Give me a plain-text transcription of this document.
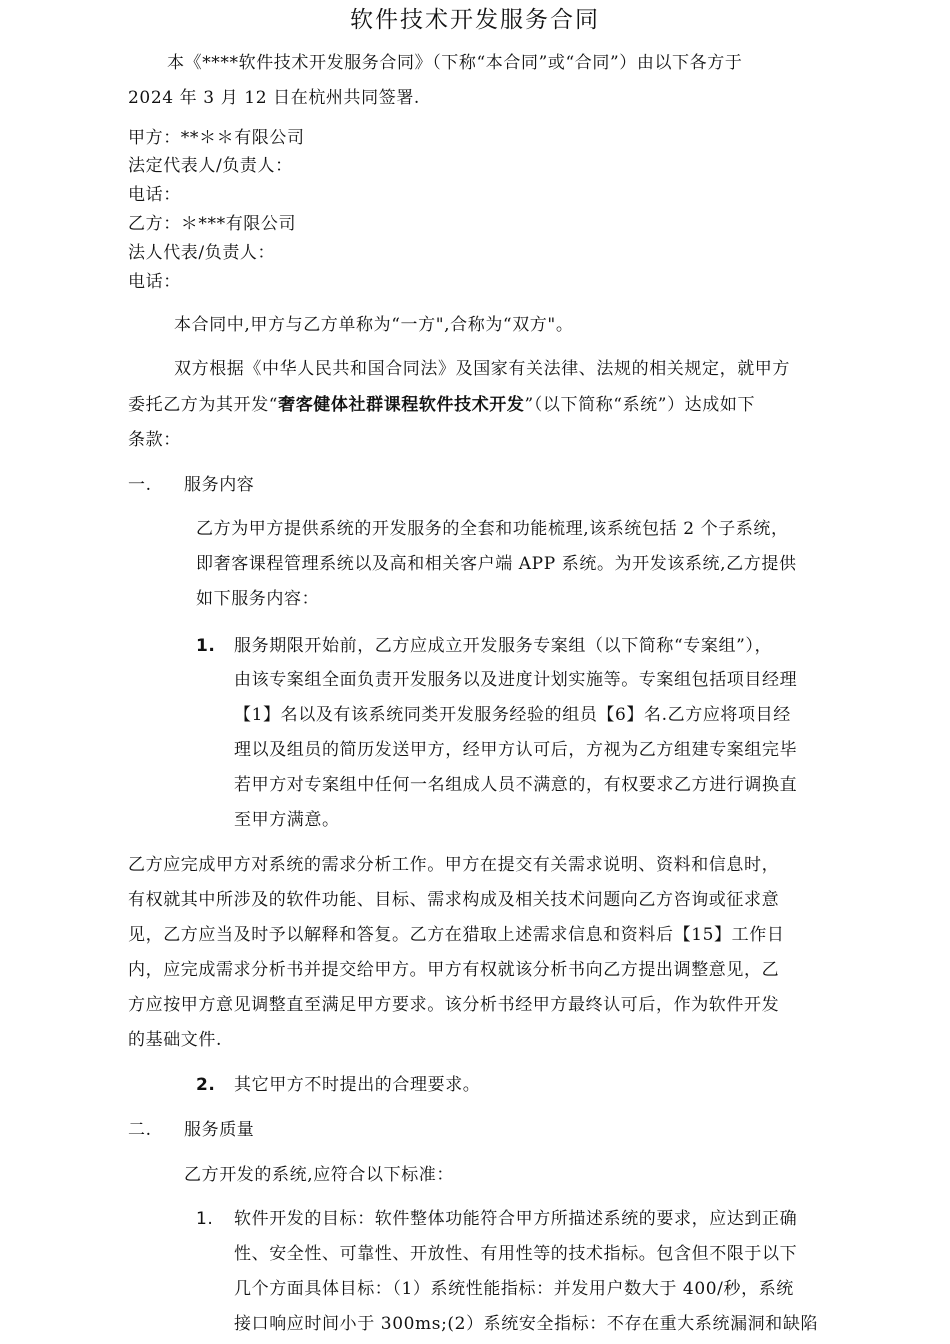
软件技术开发服务合同
本《****软件技术开发服务合同》（下称“本合同”或“合同”）由以下各方于
2024 年 3 月 12 日在杭州共同签署.
甲方：**＊＊有限公司
法定代表人/负责人：
电话：
乙方：＊***有限公司
法人代表/负责人：
电话：
本合同中,甲方与乙方单称为“一方",合称为“双方"。
双方根据《中华人民共和国合同法》及国家有关法律、法规的相关规定，就甲方
委托乙方为其开发“奢客健体社群课程软件技术开发”（以下简称“系统”）达成如下
条款：
一. 服务内容
乙方为甲方提供系统的开发服务的全套和功能梳理,该系统包括 2 个子系统，
即奢客课程管理系统以及高和相关客户端 APP 系统。为开发该系统,乙方提供
如下服务内容：
1. 服务期限开始前，乙方应成立开发服务专案组（以下简称“专案组”），
由该专案组全面负责开发服务以及进度计划实施等。专案组包括项目经理
【1】名以及有该系统同类开发服务经验的组员【6】名.乙方应将项目经
理以及组员的简历发送甲方，经甲方认可后，方视为乙方组建专案组完毕
若甲方对专案组中任何一名组成人员不满意的，有权要求乙方进行调换直
至甲方满意。
乙方应完成甲方对系统的需求分析工作。甲方在提交有关需求说明、资料和信息时，
有权就其中所涉及的软件功能、目标、需求构成及相关技术问题向乙方咨询或征求意
见，乙方应当及时予以解释和答复。乙方在猎取上述需求信息和资料后【15】工作日
内，应完成需求分析书并提交给甲方。甲方有权就该分析书向乙方提出调整意见，乙
方应按甲方意见调整直至满足甲方要求。该分析书经甲方最终认可后，作为软件开发
的基础文件.
2. 其它甲方不时提出的合理要求。
二. 服务质量
乙方开发的系统,应符合以下标准：
1. 软件开发的目标：软件整体功能符合甲方所描述系统的要求，应达到正确
性、安全性、可靠性、开放性、有用性等的技术指标。包含但不限于以下
几个方面具体目标：（1）系统性能指标：并发用户数大于 400/秒，系统
接口响应时间小于 300ms;(2）系统安全指标：不存在重大系统漏洞和缺陷
